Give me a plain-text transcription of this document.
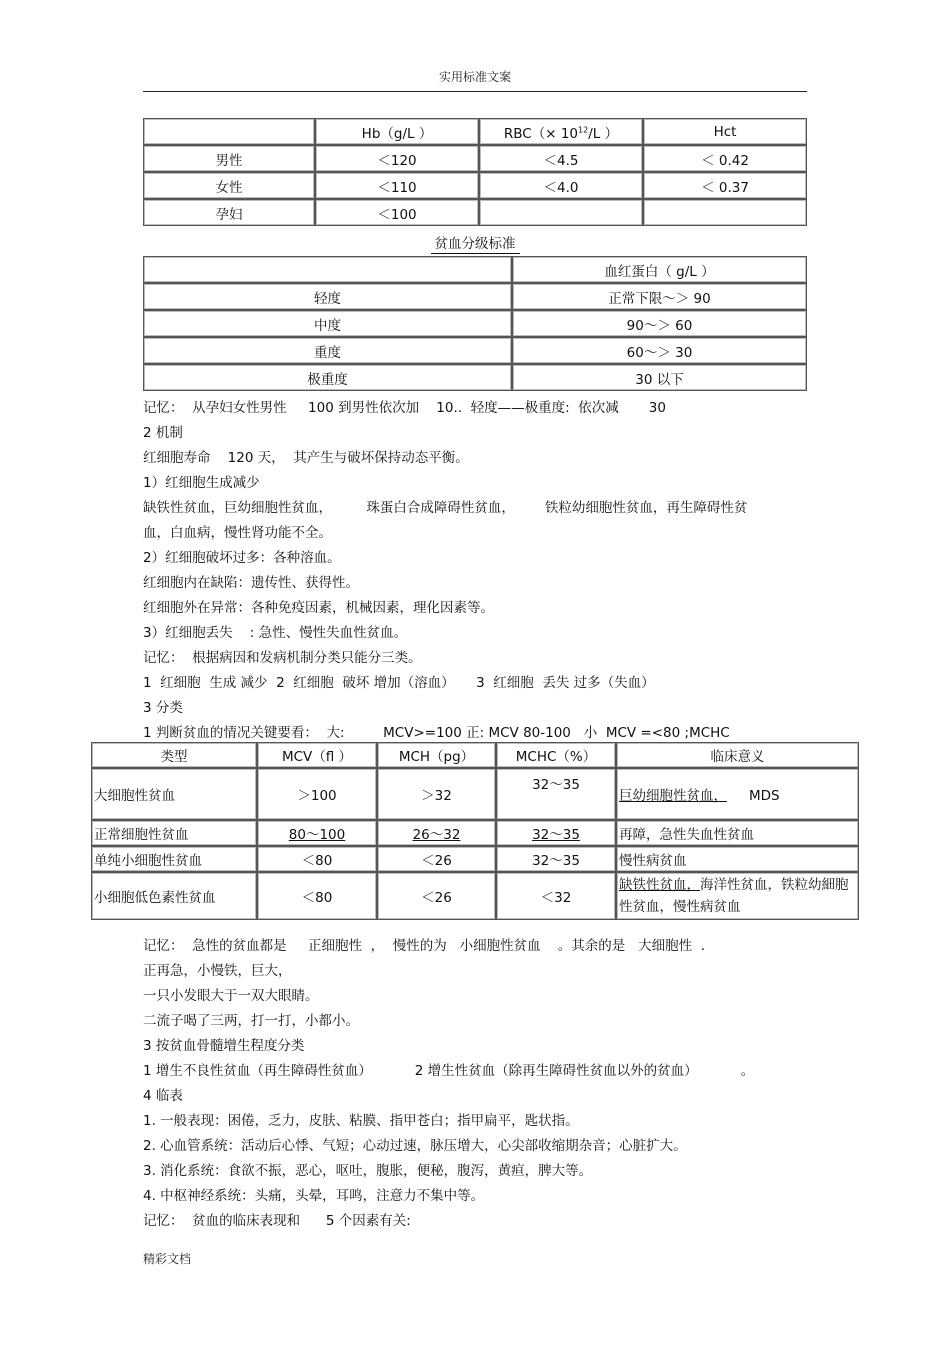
实用标准文案
	Hb（g/L ）	$RBC(\times 10^{12}/L$ ）	Hct
男性	＜120	＜4.5	＜ 0.42
女性	＜110	＜4.0	＜ 0.37
孕妇	＜100		
贫血分级标准
	血红蛋白（ g/L ）
轻度	正常下限～＞ 90
中度	90～＞ 60
重度	60～＞ 30
极重度	30 以下
记忆：  从孕妇女性男性     100 到男性依次加    10..  轻度——极重度:  依次减       30
2 机制
红细胞寿命    120 天，  其产生与破坏保持动态平衡。
1）红细胞生成减少
缺铁性贫血，巨幼细胞性贫血，        珠蛋白合成障碍性贫血，       铁粒幼细胞性贫血，再生障碍性贫
血，白血病，慢性肾功能不全。
2）红细胞破坏过多：各种溶血。
红细胞内在缺陷：遗传性、获得性。
红细胞外在异常：各种免疫因素，机械因素，理化因素等。
3）红细胞丢失    : 急性、慢性失血性贫血。
记忆：  根据病因和发病机制分类只能分三类。
1  红细胞  生成 减少  2  红细胞  破坏 增加（溶血）     3  红细胞  丢失 过多（失血）
3 分类
1 判断贫血的情况关键要看：  大:         MCV>=100 正: MCV 80-100   小  MCV =<80 ;MCHC
类型	MCV（fl ）	MCH（pg）	MCHC（%）	临床意义
大细胞性贫血	＞100	＞32	32～35	巨幼细胞性贫血， MDS
正常细胞性贫血	80～100	26～32	32～35	再障，急性失血性贫血
单纯小细胞性贫血	＜80	＜26	32～35	慢性病贫血
小细胞低色素性贫血	＜80	＜26	＜32	缺铁性贫血，海洋性贫血，铁粒幼細胞性贫血，慢性病贫血
记忆：  急性的贫血都是     正细胞性  ，  慢性的为   小细胞性贫血    。其余的是   大细胞性  .
正再急，小慢铁，巨大，
一只小发眼大于一双大眼睛。
二流子喝了三两，打一打，小都小。
3 按贫血骨髓增生程度分类
1 增生不良性贫血（再生障碍性贫血）          2 增生性贫血（除再生障碍性贫血以外的贫血）          。
4 临表
1. 一般表现：困倦，乏力，皮肤、粘膜、指甲苍白；指甲扁平，匙状指。
2. 心血管系统：活动后心悸、气短；心动过速，脉压增大，心尖部收缩期杂音；心脏扩大。
3. 消化系统：食欲不振，恶心，呕吐，腹胀，便秘，腹泻，黄疸，脾大等。
4. 中枢神经系统：头痛，头晕，耳鸣，注意力不集中等。
记忆：  贫血的临床表现和      5 个因素有关:
精彩文档
